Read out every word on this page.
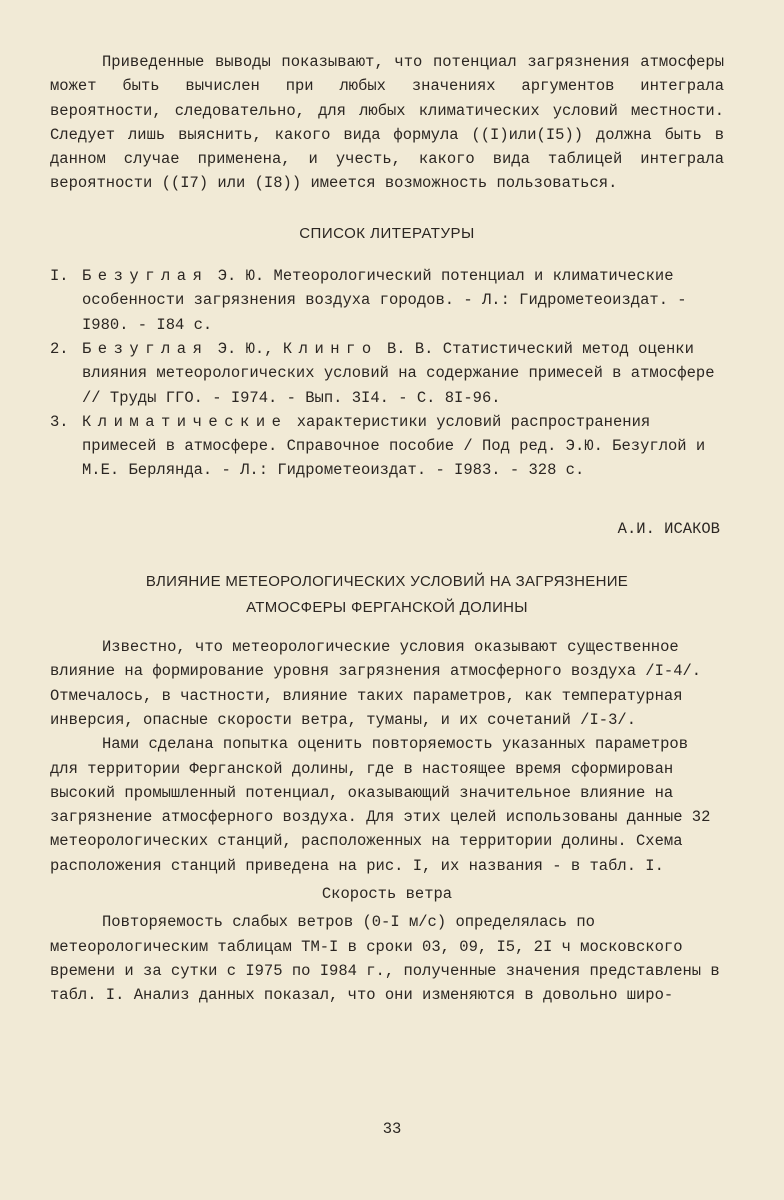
Приведенные выводы показывают, что потенциал загрязнения атмосферы может быть вычислен при любых значениях аргументов интеграла вероятности, следовательно, для любых климатических условий местности. Следует лишь выяснить, какого вида формула ((I)или(I5)) должна быть в данном случае применена, и учесть, какого вида таблицей интеграла вероятности ((I7) или (I8)) имеется возможность пользоваться.

СПИСОК ЛИТЕРАТУРЫ
I. Безуглая Э. Ю. Метеорологический потенциал и климатические особенности загрязнения воздуха городов. - Л.: Гидрометеоиздат. - I980. - I84 с.
2. Безуглая Э. Ю., Клинго В. В. Статистический метод оценки влияния метеорологических условий на содержание примесей в атмосфере // Труды ГГО. - I974. - Вып. 3I4. - С. 8I-96.
3. Климатические характеристики условий распространения примесей в атмосфере. Справочное пособие / Под ред. Э.Ю. Безуглой и М.Е. Берлянда. - Л.: Гидрометеоиздат. - I983. - 328 с.
А.И. ИСАКОВ
ВЛИЯНИЕ МЕТЕОРОЛОГИЧЕСКИХ УСЛОВИЙ НА ЗАГРЯЗНЕНИЕ
АТМОСФЕРЫ ФЕРГАНСКОЙ ДОЛИНЫ

Известно, что метеорологические условия оказывают существенное влияние на формирование уровня загрязнения атмосферного воздуха /I-4/. Отмечалось, в частности, влияние таких параметров, как температурная инверсия, опасные скорости ветра, туманы, и их сочетаний /I-3/.

Нами сделана попытка оценить повторяемость указанных параметров для территории Ферганской долины, где в настоящее время сформирован высокий промышленный потенциал, оказывающий значительное влияние на загрязнение атмосферного воздуха. Для этих целей использованы данные 32 метеорологических станций, расположенных на территории долины. Схема расположения станций приведена на рис. I, их названия - в табл. I.

Скорость ветра

Повторяемость слабых ветров (0-I м/с) определялась по метеорологическим таблицам ТМ-I в сроки 03, 09, I5, 2I ч московского времени и за сутки с I975 по I984 г., полученные значения представлены в табл. I. Анализ данных показал, что они изменяются в довольно широ-

33
